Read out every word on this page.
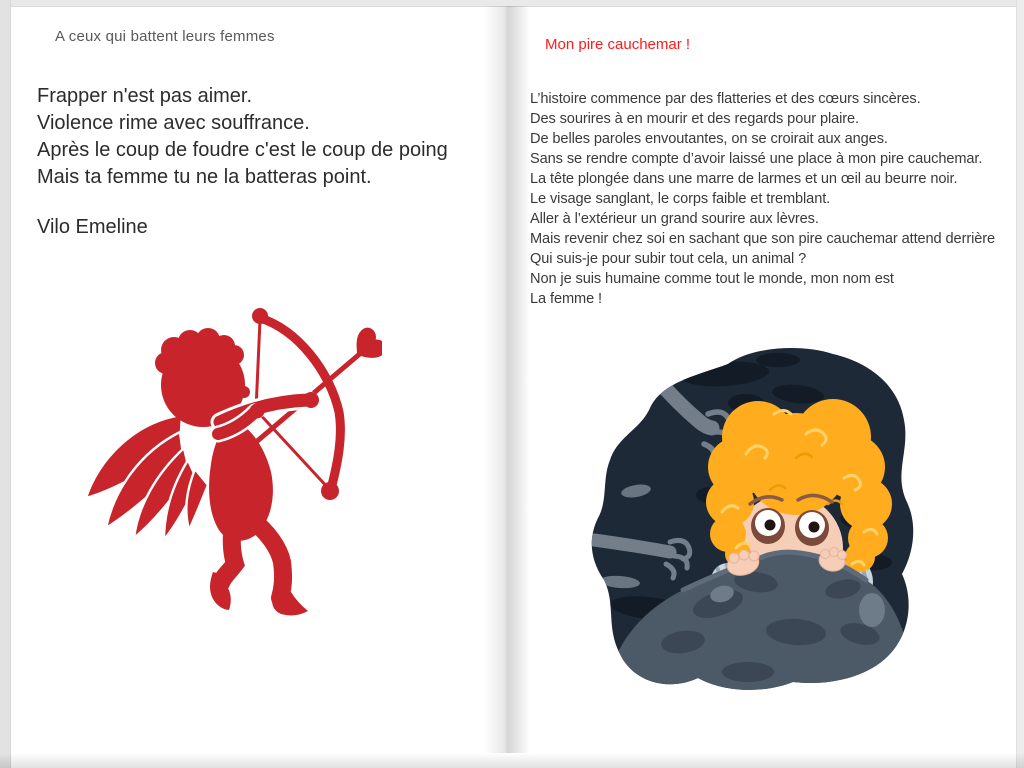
A ceux qui battent leurs femmes
Frapper n'est pas aimer.
Violence rime avec souffrance.
Après le coup de foudre c'est le coup de poing
Mais ta femme tu ne la batteras point.
Vilo Emeline
Mon pire cauchemar !
L’histoire commence par des flatteries et des cœurs sincères.
Des sourires à en mourir et des regards pour plaire.
De belles paroles envoutantes, on se croirait aux anges.
Sans se rendre compte d’avoir laissé une place à mon pire cauchemar.
La tête plongée dans une marre de larmes et un œil au beurre noir.
Le visage sanglant, le corps faible et tremblant.
Aller à l’extérieur un grand sourire aux lèvres.
Mais revenir chez soi en sachant que son pire cauchemar attend derrière
Qui suis-je pour subir tout cela, un animal ?
Non je suis humaine comme tout le monde, mon nom est
La femme !
